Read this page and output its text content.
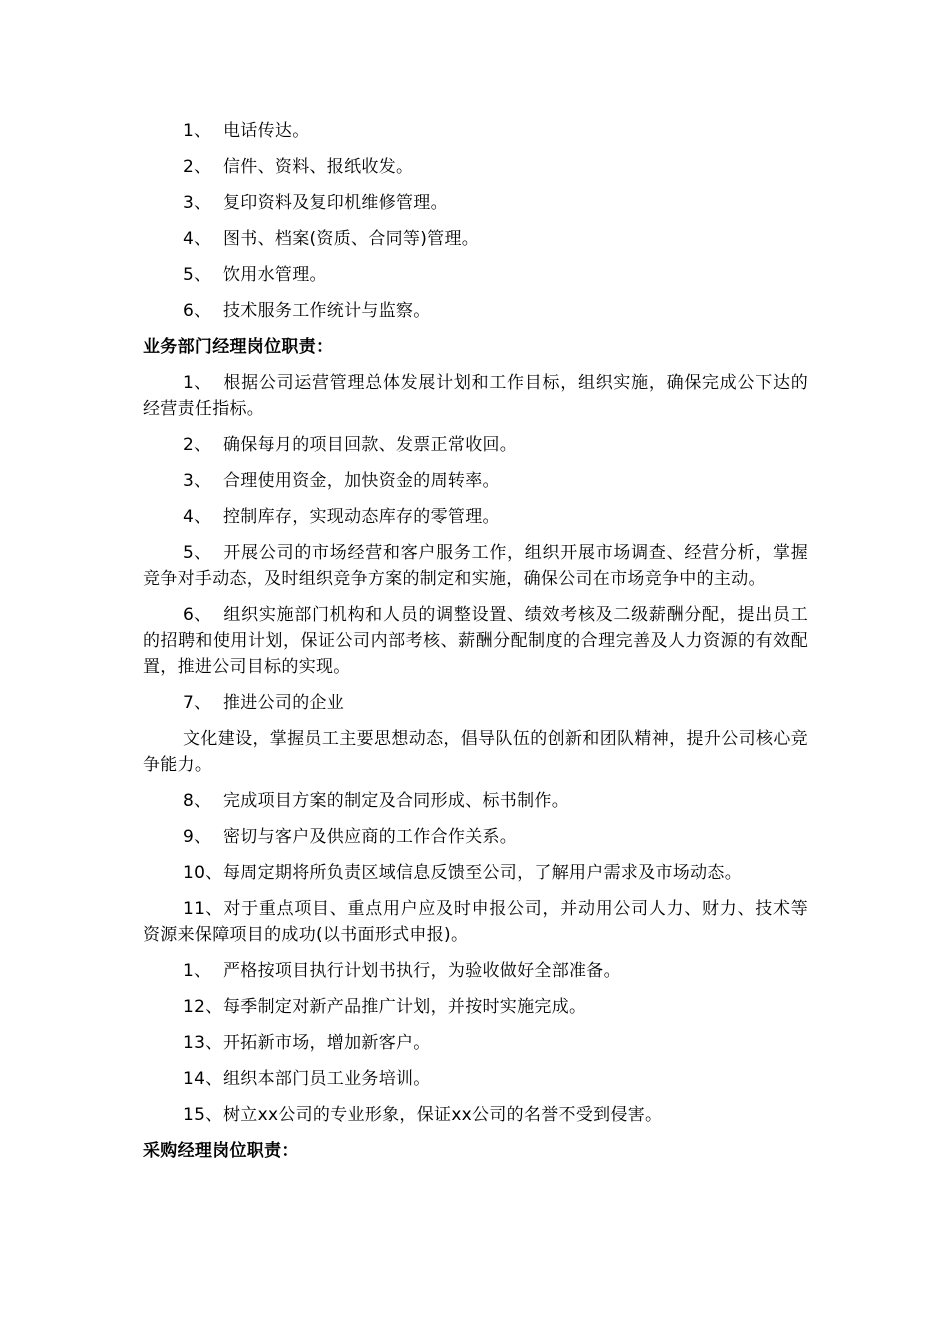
1、 电话传达。

2、 信件、资料、报纸收发。

3、 复印资料及复印机维修管理。

4、 图书、档案(资质、合同等)管理。

5、 饮用水管理。

6、 技术服务工作统计与监察。

业务部门经理岗位职责：

1、 根据公司运营管理总体发展计划和工作目标，组织实施，确保完成公下达的经营责任指标。

2、 确保每月的项目回款、发票正常收回。

3、 合理使用资金，加快资金的周转率。

4、 控制库存，实现动态库存的零管理。

5、 开展公司的市场经营和客户服务工作，组织开展市场调查、经营分析，掌握竞争对手动态，及时组织竞争方案的制定和实施，确保公司在市场竞争中的主动。

6、 组织实施部门机构和人员的调整设置、绩效考核及二级薪酬分配，提出员工的招聘和使用计划，保证公司内部考核、薪酬分配制度的合理完善及人力资源的有效配置，推进公司目标的实现。

7、 推进公司的企业

文化建设，掌握员工主要思想动态，倡导队伍的创新和团队精神，提升公司核心竞争能力。

8、 完成项目方案的制定及合同形成、标书制作。

9、 密切与客户及供应商的工作合作关系。

10、每周定期将所负责区域信息反馈至公司，了解用户需求及市场动态。

11、对于重点项目、重点用户应及时申报公司，并动用公司人力、财力、技术等资源来保障项目的成功(以书面形式申报)。

1、 严格按项目执行计划书执行，为验收做好全部准备。

12、每季制定对新产品推广计划，并按时实施完成。

13、开拓新市场，增加新客户。

14、组织本部门员工业务培训。

15、树立xx公司的专业形象，保证xx公司的名誉不受到侵害。

采购经理岗位职责：
